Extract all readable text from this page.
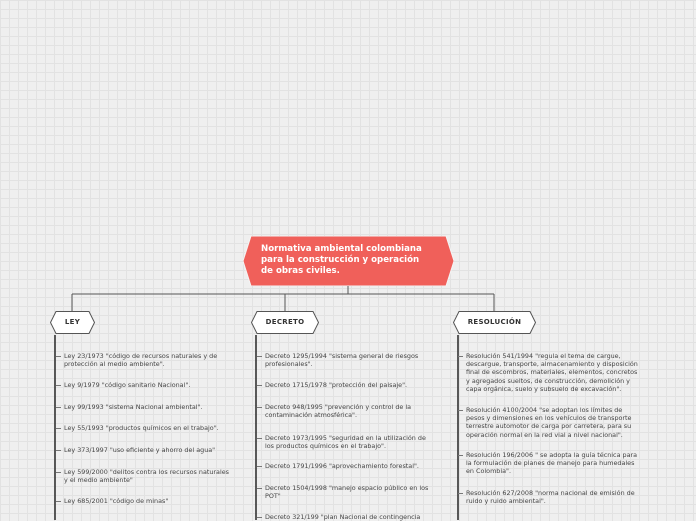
Normativa ambiental colombiana
para la construcción y operación
de obras civiles.
LEY	DECRETO	RESOLUCIÓN
Ley 23/1973 "código de recursos naturales y de
protección al medio ambiente".
Ley 9/1979 "código sanitario Nacional".
Ley 99/1993 "sistema Nacional ambiental".
Ley 55/1993 "productos químicos en el trabajo".
Ley 373/1997 "uso eficiente y ahorro del agua"
Ley 599/2000 "delitos contra los recursos naturales
y el medio ambiente"
Ley 685/2001 "código de minas"
Decreto 1295/1994 "sistema general de riesgos
profesionales".
Decreto 1715/1978 "protección del paisaje".
Decreto 948/1995 "prevención y control de la
contaminación atmosférica".
Decreto 1973/1995 "seguridad en la utilización de
los productos químicos en el trabajo".
Decreto 1791/1996 "aprovechamiento forestal".
Decreto 1504/1998 "manejo espacio público en los
POT"
Decreto 321/199 "plan Nacional de contingencia
Resolución 541/1994 "regula el tema de cargue,
descargue, transporte, almacenamiento y disposición
final de escombros, materiales, elementos, concretos
y agregados sueltos, de construcción, demolición y
capa orgánica, suelo y subsuelo de excavación".
Resolución 4100/2004 "se adoptan los límites de
pesos y dimensiones en los vehículos de transporte
terrestre automotor de carga por carretera, para su
operación normal en la red vial a nivel nacional".
Resolución 196/2006 " se adopta la guía técnica para
la formulación de planes de manejo para humedales
en Colombia".
Resolución 627/2008 "norma nacional de emisión de
ruido y ruido ambiental".
